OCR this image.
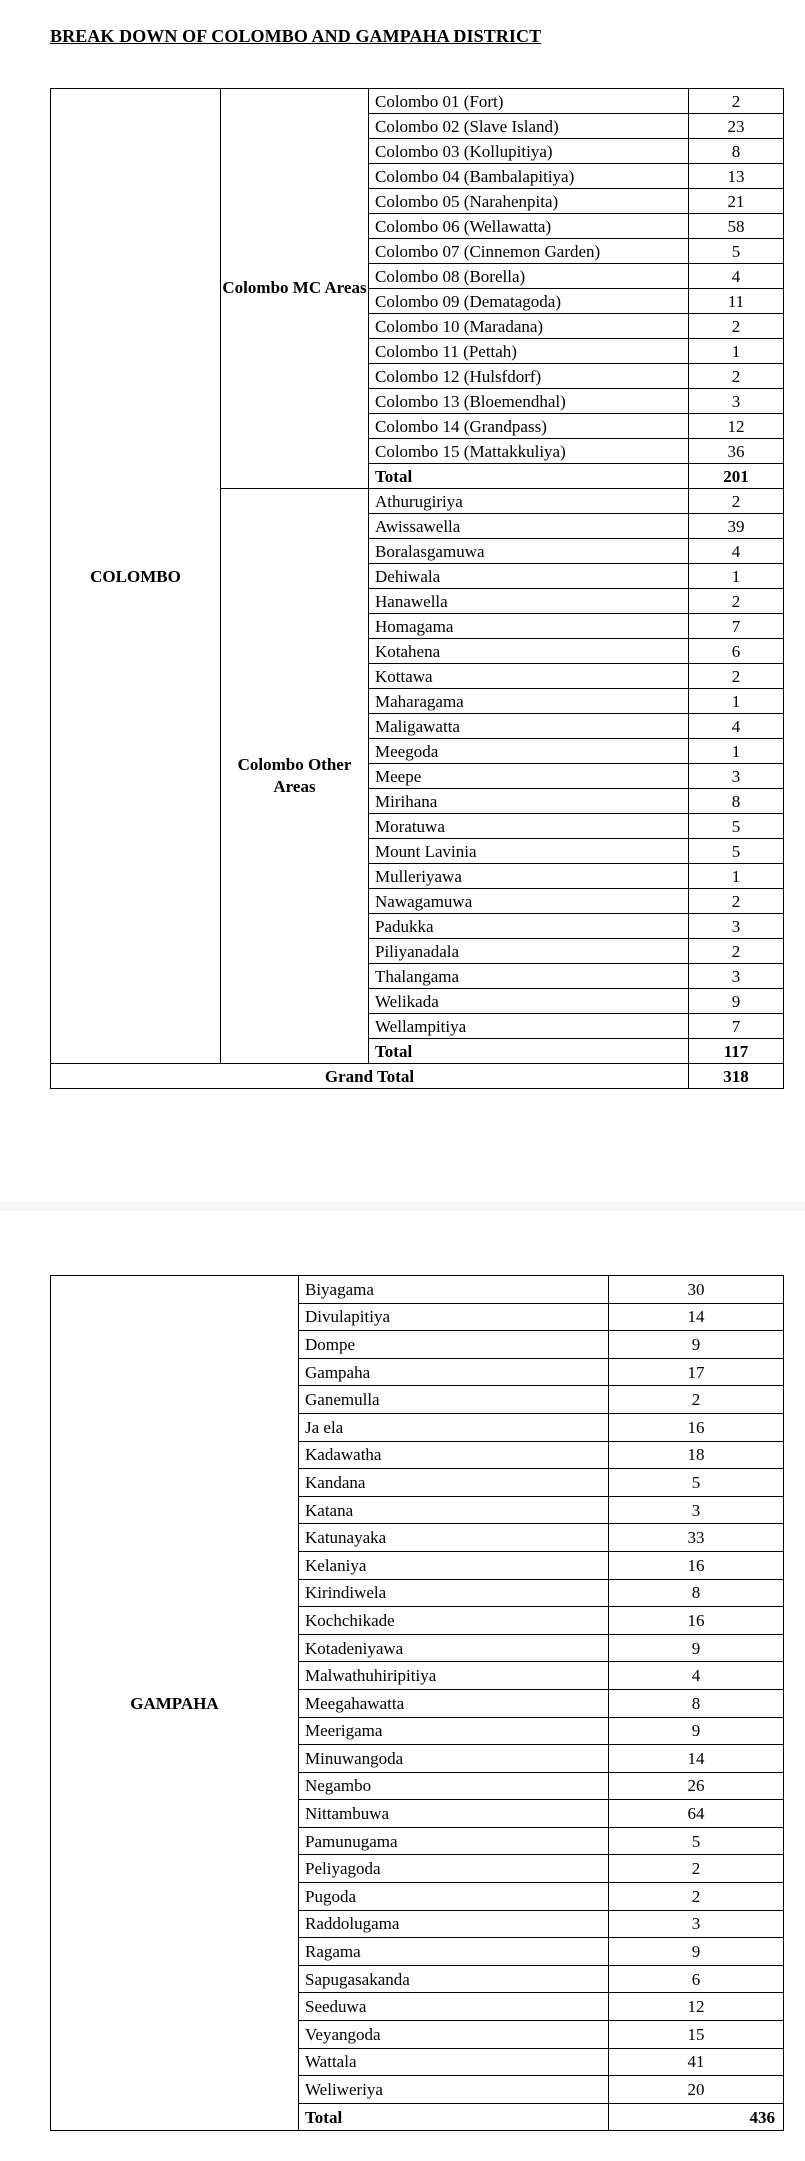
BREAK DOWN OF COLOMBO AND GAMPAHA DISTRICT
COLOMBO	Colombo MC Areas	Colombo 01 (Fort)	2
		Colombo 02 (Slave Island)	23
		Colombo 03 (Kollupitiya)	8
		Colombo 04 (Bambalapitiya)	13
		Colombo 05 (Narahenpita)	21
		Colombo 06 (Wellawatta)	58
		Colombo 07 (Cinnemon Garden)	5
		Colombo 08 (Borella)	4
		Colombo 09 (Dematagoda)	11
		Colombo 10 (Maradana)	2
		Colombo 11 (Pettah)	1
		Colombo 12 (Hulsfdorf)	2
		Colombo 13 (Bloemendhal)	3
		Colombo 14 (Grandpass)	12
		Colombo 15 (Mattakkuliya)	36
		Total	201
	Colombo Other Areas	Athurugiriya	2
		Awissawella	39
		Boralasgamuwa	4
		Dehiwala	1
		Hanawella	2
		Homagama	7
		Kotahena	6
		Kottawa	2
		Maharagama	1
		Maligawatta	4
		Meegoda	1
		Meepe	3
		Mirihana	8
		Moratuwa	5
		Mount Lavinia	5
		Mulleriyawa	1
		Nawagamuwa	2
		Padukka	3
		Piliyanadala	2
		Thalangama	3
		Welikada	9
		Wellampitiya	7
		Total	117
Grand Total			318
GAMPAHA	Biyagama	30
	Divulapitiya	14
	Dompe	9
	Gampaha	17
	Ganemulla	2
	Ja ela	16
	Kadawatha	18
	Kandana	5
	Katana	3
	Katunayaka	33
	Kelaniya	16
	Kirindiwela	8
	Kochchikade	16
	Kotadeniyawa	9
	Malwathuhiripitiya	4
	Meegahawatta	8
	Meerigama	9
	Minuwangoda	14
	Negambo	26
	Nittambuwa	64
	Pamunugama	5
	Peliyagoda	2
	Pugoda	2
	Raddolugama	3
	Ragama	9
	Sapugasakanda	6
	Seeduwa	12
	Veyangoda	15
	Wattala	41
	Weliweriya	20
	Total	436
